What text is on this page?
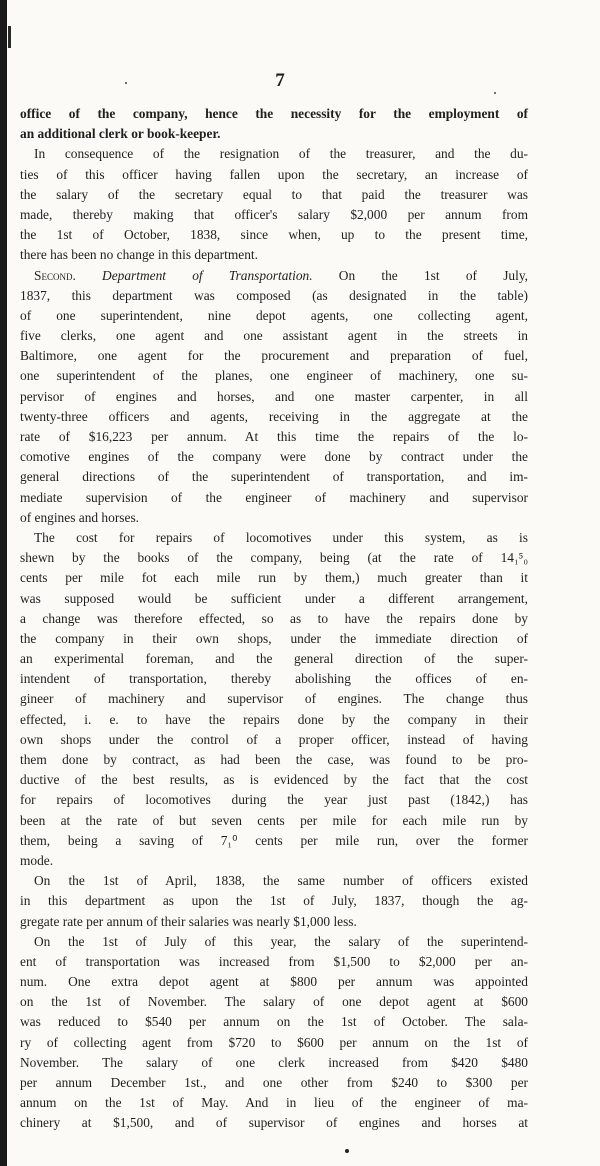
7
office of the company, hence the necessity for the employment of
an additional clerk or book-keeper.
In consequence of the resignation of the treasurer, and the du-
ties of this officer having fallen upon the secretary, an increase of
the salary of the secretary equal to that paid the treasurer was
made, thereby making that officer's salary $2,000 per annum from
the 1st of October, 1838, since when, up to the present time,
there has been no change in this department.
Second. Department of Transportation. On the 1st of July,
1837, this department was composed (as designated in the table)
of one superintendent, nine depot agents, one collecting agent,
five clerks, one agent and one assistant agent in the streets in
Baltimore, one agent for the procurement and preparation of fuel,
one superintendent of the planes, one engineer of machinery, one su-
pervisor of engines and horses, and one master carpenter, in all
twenty-three officers and agents, receiving in the aggregate at the
rate of $16,223 per annum. At this time the repairs of the lo-
comotive engines of the company were done by contract under the
general directions of the superintendent of transportation, and im-
mediate supervision of the engineer of machinery and supervisor
of engines and horses.
The cost for repairs of locomotives under this system, as is
shewn by the books of the company, being (at the rate of 14₁⁵₀
cents per mile fot each mile run by them,) much greater than it
was supposed would be sufficient under a different arrangement,
a change was therefore effected, so as to have the repairs done by
the company in their own shops, under the immediate direction of
an experimental foreman, and the general direction of the super-
intendent of transportation, thereby abolishing the offices of en-
gineer of machinery and supervisor of engines. The change thus
effected, i. e. to have the repairs done by the company in their
own shops under the control of a proper officer, instead of having
them done by contract, as had been the case, was found to be pro-
ductive of the best results, as is evidenced by the fact that the cost
for repairs of locomotives during the year just past (1842,) has
been at the rate of but seven cents per mile for each mile run by
them, being a saving of 7₁⁰ cents per mile run, over the former
mode.
On the 1st of April, 1838, the same number of officers existed
in this department as upon the 1st of July, 1837, though the ag-
gregate rate per annum of their salaries was nearly $1,000 less.
On the 1st of July of this year, the salary of the superintend-
ent of transportation was increased from $1,500 to $2,000 per an-
num. One extra depot agent at $800 per annum was appointed
on the 1st of November. The salary of one depot agent at $600
was reduced to $540 per annum on the 1st of October. The sala-
ry of collecting agent from $720 to $600 per annum on the 1st of
November. The salary of one clerk increased from $420 $480
per annum December 1st., and one other from $240 to $300 per
annum on the 1st of May. And in lieu of the engineer of ma-
chinery at $1,500, and of supervisor of engines and horses at
